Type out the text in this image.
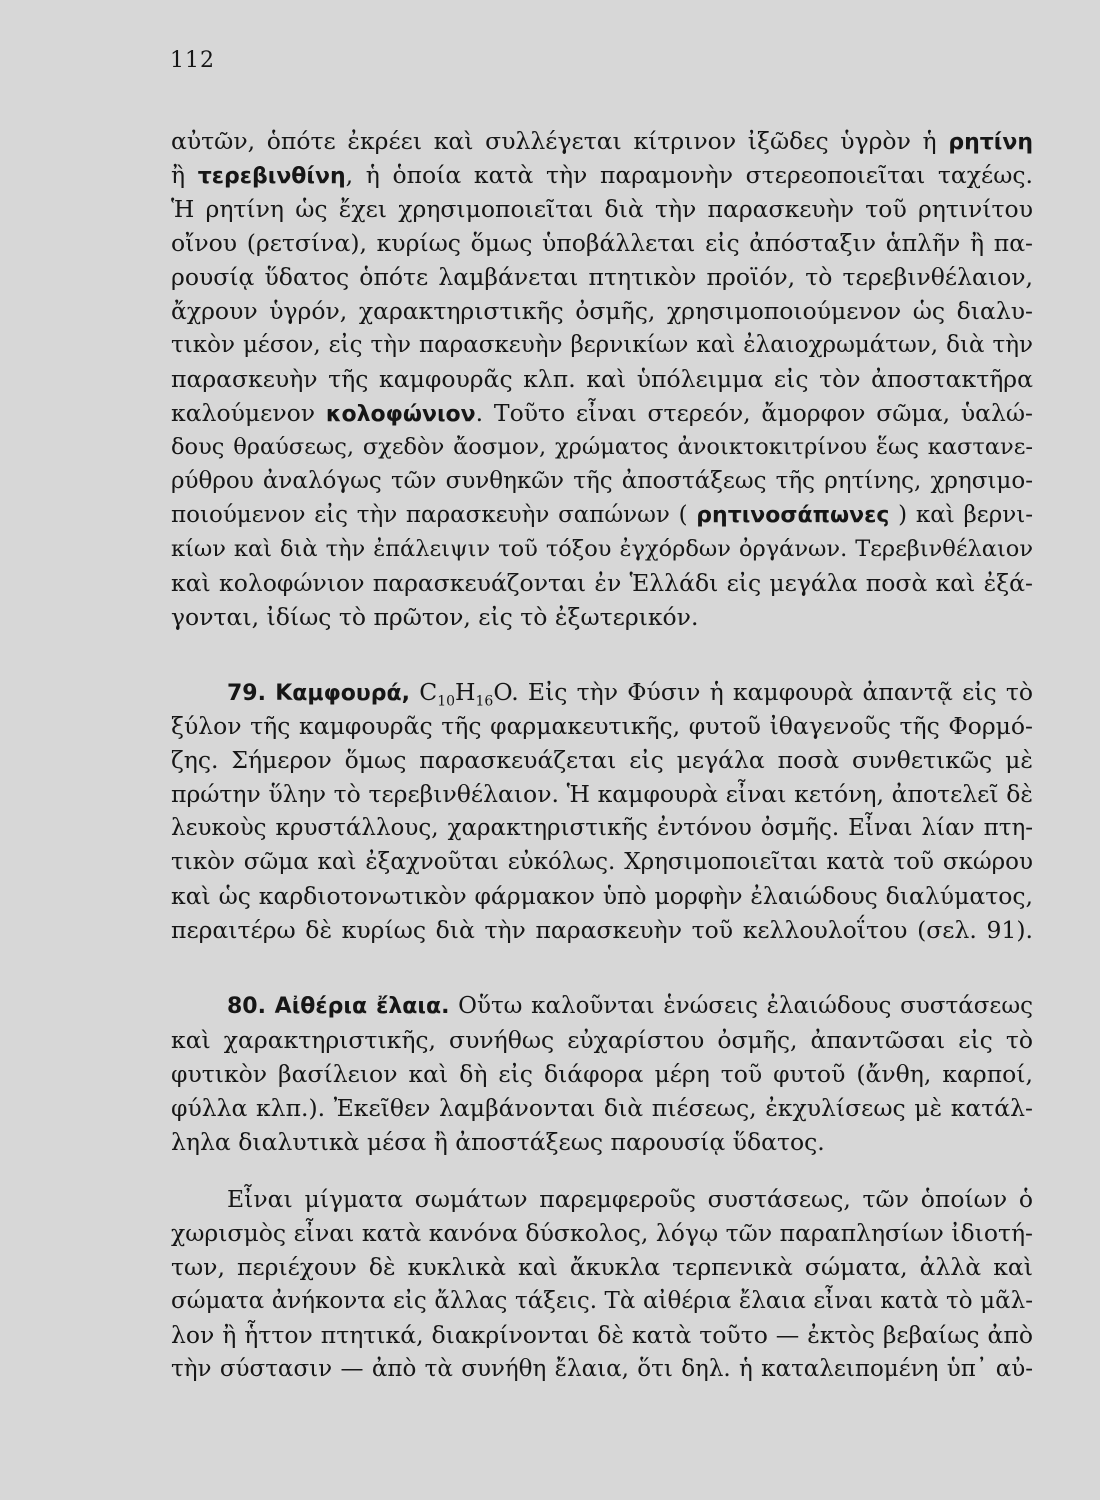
112
αὐτῶν, ὁπότε ἐκρέει καὶ συλλέγεται κίτρινον ἰξῶδες ὑγρὸν ἡ ρητίνη
ἢ τερεβινθίνη, ἡ ὁποία κατὰ τὴν παραμονὴν στερεοποιεῖται ταχέως.
Ἡ ρητίνη ὡς ἔχει χρησιμοποιεῖται διὰ τὴν παρασκευὴν τοῦ ρητινίτου
οἴνου (ρετσίνα), κυρίως ὅμως ὑποβάλλεται εἰς ἀπόσταξιν ἁπλῆν ἢ πα-
ρουσίᾳ ὕδατος ὁπότε λαμβάνεται πτητικὸν προϊόν, τὸ τερεβινθέλαιον,
ἄχρουν ὑγρόν, χαρακτηριστικῆς ὀσμῆς, χρησιμοποιούμενον ὡς διαλυ-
τικὸν μέσον, εἰς τὴν παρασκευὴν βερνικίων καὶ ἐλαιοχρωμάτων, διὰ τὴν
παρασκευὴν τῆς καμφουρᾶς κλπ. καὶ ὑπόλειμμα εἰς τὸν ἀποστακτῆρα
καλούμενον κολοφώνιον. Τοῦτο εἶναι στερεόν, ἄμορφον σῶμα, ὑαλώ-
δους θραύσεως, σχεδὸν ἄοσμον, χρώματος ἀνοικτοκιτρίνου ἕως καστανε-
ρύθρου ἀναλόγως τῶν συνθηκῶν τῆς ἀποστάξεως τῆς ρητίνης, χρησιμο-
ποιούμενον εἰς τὴν παρασκευὴν σαπώνων ( ρητινοσάπωνες ) καὶ βερνι-
κίων καὶ διὰ τὴν ἐπάλειψιν τοῦ τόξου ἐγχόρδων ὀργάνων. Τερεβινθέλαιον
καὶ κολοφώνιον παρασκευάζονται ἐν Ἑλλάδι εἰς μεγάλα ποσὰ καὶ ἐξά-
γονται, ἰδίως τὸ πρῶτον, εἰς τὸ ἐξωτερικόν.
79. Καμφουρά, $C_{10}H_{16}O$. Εἰς τὴν Φύσιν ἡ καμφουρὰ ἀπαντᾷ εἰς τὸ
ξύλον τῆς καμφουρᾶς τῆς φαρμακευτικῆς, φυτοῦ ἰθαγενοῦς τῆς Φορμό-
ζης. Σήμερον ὅμως παρασκευάζεται εἰς μεγάλα ποσὰ συνθετικῶς μὲ
πρώτην ὕλην τὸ τερεβινθέλαιον. Ἡ καμφουρὰ εἶναι κετόνη, ἀποτελεῖ δὲ
λευκοὺς κρυστάλλους, χαρακτηριστικῆς ἐντόνου ὀσμῆς. Εἶναι λίαν πτη-
τικὸν σῶμα καὶ ἐξαχνοῦται εὐκόλως. Χρησιμοποιεῖται κατὰ τοῦ σκώρου
καὶ ὡς καρδιοτονωτικὸν φάρμακον ὑπὸ μορφὴν ἐλαιώδους διαλύματος,
περαιτέρω δὲ κυρίως διὰ τὴν παρασκευὴν τοῦ κελλουλοΐτου (σελ. 91).
80. Αἰθέρια ἔλαια. Οὕτω καλοῦνται ἑνώσεις ἐλαιώδους συστάσεως
καὶ χαρακτηριστικῆς, συνήθως εὐχαρίστου ὀσμῆς, ἀπαντῶσαι εἰς τὸ
φυτικὸν βασίλειον καὶ δὴ εἰς διάφορα μέρη τοῦ φυτοῦ (ἄνθη, καρποί,
φύλλα κλπ.). Ἐκεῖθεν λαμβάνονται διὰ πιέσεως, ἐκχυλίσεως μὲ κατάλ-
ληλα διαλυτικὰ μέσα ἢ ἀποστάξεως παρουσίᾳ ὕδατος.
Εἶναι μίγματα σωμάτων παρεμφεροῦς συστάσεως, τῶν ὁποίων ὁ
χωρισμὸς εἶναι κατὰ κανόνα δύσκολος, λόγῳ τῶν παραπλησίων ἰδιοτή-
των, περιέχουν δὲ κυκλικὰ καὶ ἄκυκλα τερπενικὰ σώματα, ἀλλὰ καὶ
σώματα ἀνήκοντα εἰς ἄλλας τάξεις. Τὰ αἰθέρια ἔλαια εἶναι κατὰ τὸ μᾶλ-
λον ἢ ἧττον πτητικά, διακρίνονται δὲ κατὰ τοῦτο — ἐκτὸς βεβαίως ἀπὸ
τὴν σύστασιν — ἀπὸ τὰ συνήθη ἔλαια, ὅτι δηλ. ἡ καταλειπομένη ὑπ᾽ αὐ-
